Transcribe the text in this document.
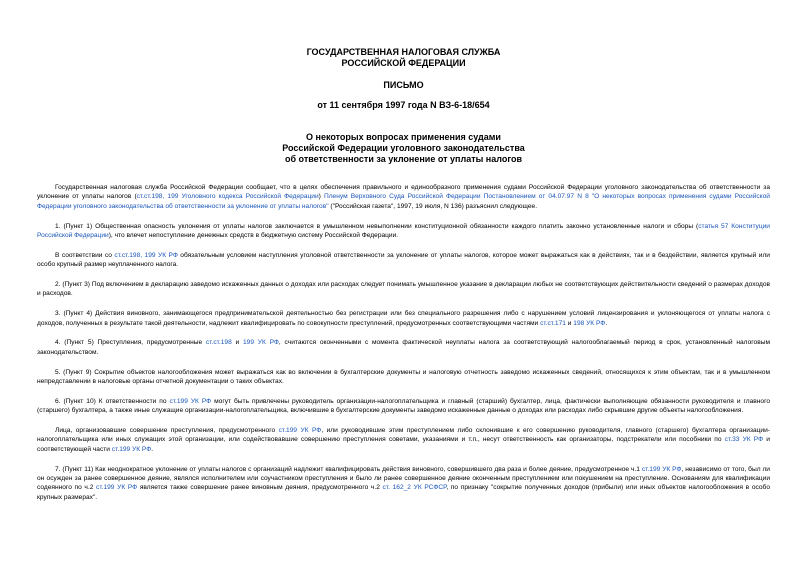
ГОСУДАРСТВЕННАЯ НАЛОГОВАЯ СЛУЖБА
РОССИЙСКОЙ ФЕДЕРАЦИИ
ПИСЬМО
от 11 сентября 1997 года N ВЗ-6-18/654
О некоторых вопросах применения судами
Российской Федерации уголовного законодательства
об ответственности за уклонение от уплаты налогов

Государственная налоговая служба Российской Федерации сообщает, что в целях обеспечения правильного и единообразного применения судами Российской Федерации уголовного законодательства об ответственности за уклонение от уплаты налогов (ст.ст.198, 199 Уголовного кодекса Российской Федерации) Пленум Верховного Суда Российской Федерации Постановлением от 04.07.97 N 8 "О некоторых вопросах применения судами Российской Федерации уголовного законодательства об ответственности за уклонение от уплаты налогов" ("Российская газета", 1997, 19 июля, N 136) разъяснил следующее.

1. (Пункт 1) Общественная опасность уклонения от уплаты налогов заключается в умышленном невыполнении конституционной обязанности каждого платить законно установленные налоги и сборы (статья 57 Конституции Российской Федерации), что влечет непоступление денежных средств в бюджетную систему Российской Федерации.

В соответствии со ст.ст.198, 199 УК РФ обязательным условием наступления уголовной ответственности за уклонение от уплаты налогов, которое может выражаться как в действиях, так и в бездействии, является крупный или особо крупный размер неуплаченного налога.

2. (Пункт 3) Под включением в декларацию заведомо искаженных данных о доходах или расходах следует понимать умышленное указание в декларации любых не соответствующих действительности сведений о размерах доходов и расходов.

3. (Пункт 4) Действия виновного, занимающегося предпринимательской деятельностью без регистрации или без специального разрешения либо с нарушением условий лицензирования и уклоняющегося от уплаты налога с доходов, полученных в результате такой деятельности, надлежит квалифицировать по совокупности преступлений, предусмотренных соответствующими частями ст.ст.171 и 198 УК РФ.

4. (Пункт 5) Преступления, предусмотренные ст.ст.198 и 199 УК РФ, считаются оконченными с момента фактической неуплаты налога за соответствующий налогооблагаемый период в срок, установленный налоговым законодательством.

5. (Пункт 9) Сокрытие объектов налогообложения может выражаться как во включении в бухгалтерские документы и налоговую отчетность заведомо искаженных сведений, относящихся к этим объектам, так и в умышленном непредставлении в налоговые органы отчетной документации о таких объектах.

6. (Пункт 10) К ответственности по ст.199 УК РФ могут быть привлечены руководитель организации-налогоплательщика и главный (старший) бухгалтер, лица, фактически выполняющие обязанности руководителя и главного (старшего) бухгалтера, а также иные служащие организации-налогоплательщика, включившие в бухгалтерские документы заведомо искаженные данные о доходах или расходах либо скрывшие другие объекты налогообложения.

Лица, организовавшие совершение преступления, предусмотренного ст.199 УК РФ, или руководившие этим преступлением либо склонившие к его совершению руководителя, главного (старшего) бухгалтера организации-налогоплательщика или иных служащих этой организации, или содействовавшие совершению преступления советами, указаниями и т.п., несут ответственность как организаторы, подстрекатели или пособники по ст.33 УК РФ и соответствующей части ст.199 УК РФ.

7. (Пункт 11) Как неоднократное уклонение от уплаты налогов с организаций надлежит квалифицировать действия виновного, совершившего два раза и более деяние, предусмотренное ч.1 ст.199 УК РФ, независимо от того, был ли он осужден за ранее совершенное деяние, являлся исполнителем или соучастником преступления и было ли ранее совершенное деяние оконченным преступлением или покушением на преступление. Основаниям для квалификации содеянного по ч.2 ст.199 УК РФ является также совершение ранее виновным деяния, предусмотренного ч.2 ст. 162_2 УК РСФСР, по признаку "сокрытие полученных доходов (прибыли) или иных объектов налогообложения в особо крупных размерах".
